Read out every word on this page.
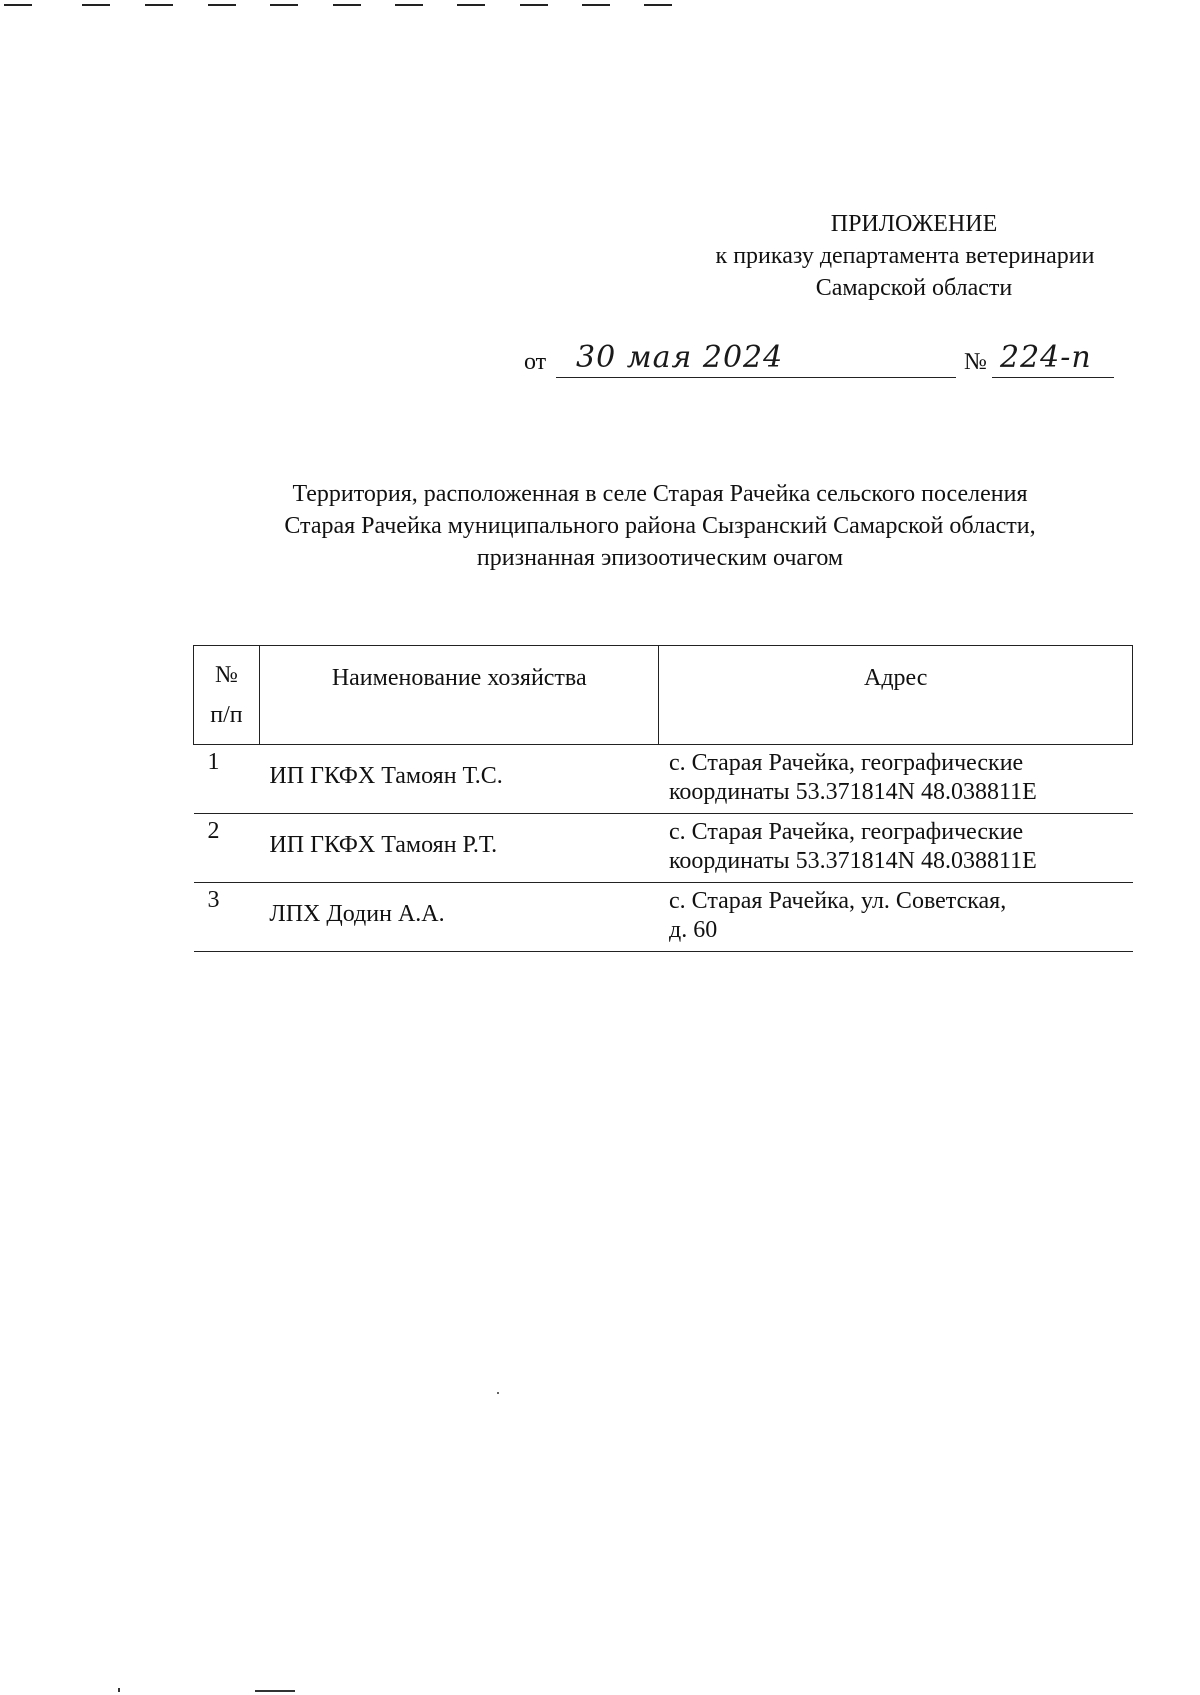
ПРИЛОЖЕНИЕ
к приказу департамента ветеринарии
Самарской области
от 30 мая 2024	№ 224-п
Территория, расположенная в селе Старая Рачейка сельского поселения
Старая Рачейка муниципального района Сызранский Самарской области,
признанная эпизоотическим очагом
№
п/п	Наименование хозяйства	Адрес
1	ИП ГКФХ Тамоян Т.С.	с. Старая Рачейка, географические
координаты 53.371814N 48.038811E

2	ИП ГКФХ Тамоян Р.Т.	с. Старая Рачейка, географические
координаты 53.371814N 48.038811E

3	ЛПХ Додин А.А.	с. Старая Рачейка, ул. Советская,
д. 60
